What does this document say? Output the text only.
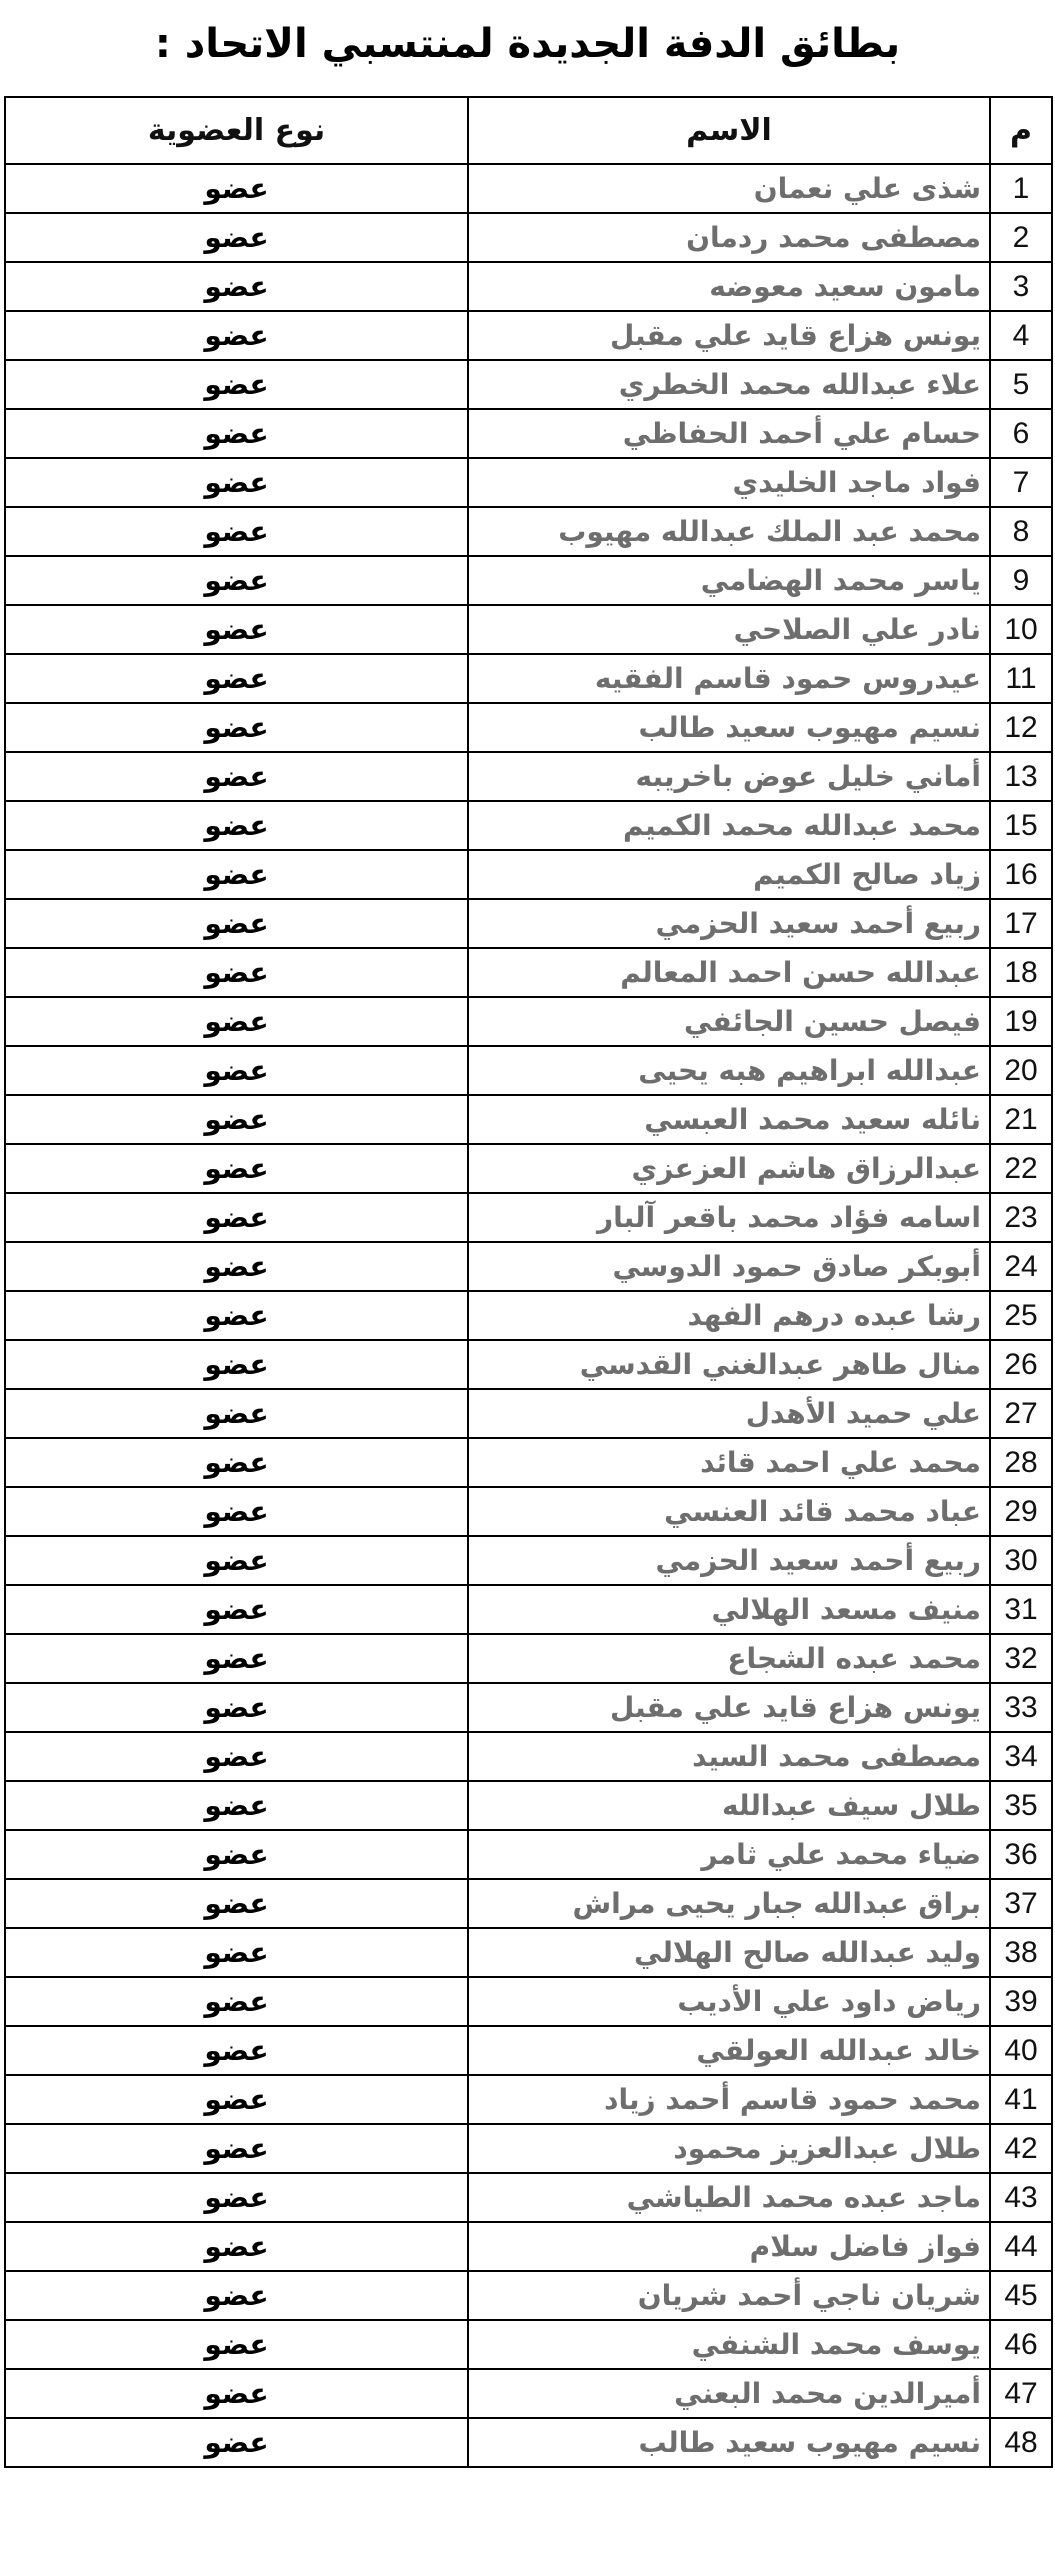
بطائق الدفة الجديدة لمنتسبي الاتحاد :
م	الاسم	نوع العضوية
1	شذى علي نعمان	عضو
2	مصطفى محمد ردمان	عضو
3	مامون سعيد معوضه	عضو
4	يونس هزاع قايد علي مقبل	عضو
5	علاء عبدالله محمد الخطري	عضو
6	حسام علي أحمد الحفاظي	عضو
7	فواد ماجد الخليدي	عضو
8	محمد عبد الملك عبدالله مهيوب	عضو
9	ياسر محمد الهضامي	عضو
10	نادر علي الصلاحي	عضو
11	عيدروس حمود قاسم الفقيه	عضو
12	نسيم مهيوب سعيد طالب	عضو
13	أماني خليل عوض باخريبه	عضو
15	محمد عبدالله محمد الكميم	عضو
16	زياد صالح الكميم	عضو
17	ربيع أحمد سعيد الحزمي	عضو
18	عبدالله حسن احمد المعالم	عضو
19	فيصل حسين الجائفي	عضو
20	عبدالله ابراهيم هبه يحيى	عضو
21	نائله سعيد محمد العبسي	عضو
22	عبدالرزاق هاشم العزعزي	عضو
23	اسامه فؤاد محمد باقعر آلبار	عضو
24	أبوبكر صادق حمود الدوسي	عضو
25	رشا عبده درهم الفهد	عضو
26	منال طاهر عبدالغني القدسي	عضو
27	علي حميد الأهدل	عضو
28	محمد علي احمد قائد	عضو
29	عباد محمد قائد العنسي	عضو
30	ربيع أحمد سعيد الحزمي	عضو
31	منيف مسعد الهلالي	عضو
32	محمد عبده الشجاع	عضو
33	يونس هزاع قايد علي مقبل	عضو
34	مصطفى محمد السيد	عضو
35	طلال سيف عبدالله	عضو
36	ضياء محمد علي ثامر	عضو
37	براق عبدالله جبار يحيى مراش	عضو
38	وليد عبدالله صالح الهلالي	عضو
39	رياض داود علي الأديب	عضو
40	خالد عبدالله العولقي	عضو
41	محمد حمود قاسم أحمد زياد	عضو
42	طلال عبدالعزيز محمود	عضو
43	ماجد عبده محمد الطياشي	عضو
44	فواز فاضل سلام	عضو
45	شريان ناجي أحمد شريان	عضو
46	يوسف محمد الشنفي	عضو
47	أميرالدين محمد البعني	عضو
48	نسيم مهيوب سعيد طالب	عضو
